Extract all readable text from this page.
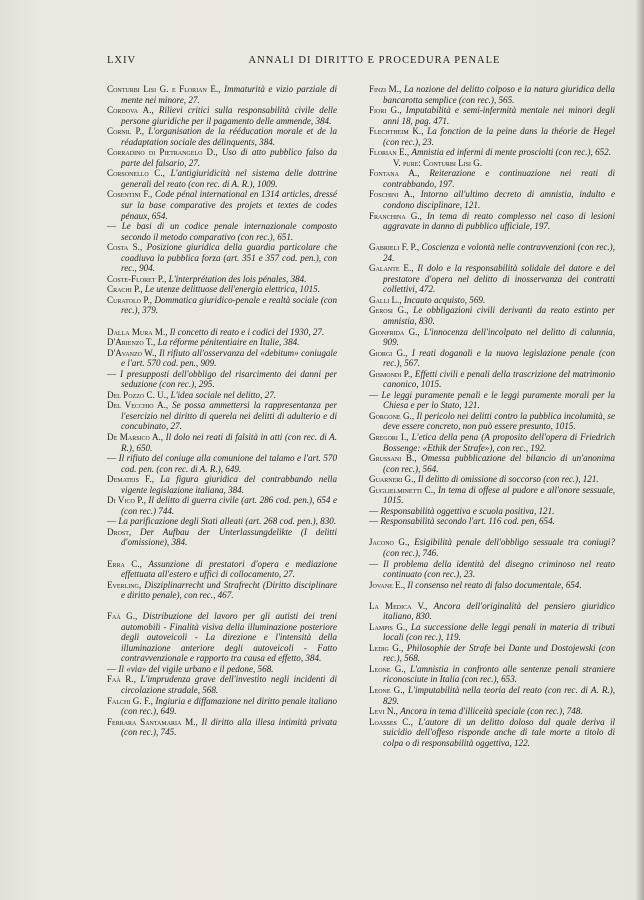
LXIV	ANNALI DI DIRITTO E PROCEDURA PENALE

Conturbi Lisi G. e Florian E., Immaturità e vizio parziale di mente nei minore, 27.

Cordova A., Rilievi critici sulla responsabilità civile delle persone giuridiche per il pagamento delle ammende, 384.

Cornil P., L'organisation de la rééducation morale et de la réadaptation sociale des délinquents, 384.

Corradino di Pietrangelo D., Uso di atto pubblico falso da parte del falsario, 27.

Corsonello C., L'antigiuridicità nel sistema delle dottrine generali del reato (con rec. di A. R.), 1009.

Cosentini F., Code pénal international en 1314 articles, dressé sur la base comparative des projets et textes de codes pénaux, 654.

— Le basi di un codice penale internazionale composto secondo il metodo comparativo (con rec.), 651.

Costa S., Posizione giuridica della guardia particolare che coadiuva la pubblica forza (art. 351 e 357 cod. pen.), con rec., 904.

Coste-Floret P., L'interprétation des lois pénales, 384.

Crachi P., Le utenze delittuose dell'energia elettrica, 1015.

Curatolo P., Dommatica giuridico-penale e realtà sociale (con rec.), 379.

Dalla Mura M., Il concetto di reato e i codici del 1930, 27.

D'Arienzo T., La réforme pénitentiaire en Italie, 384.

D'Avanzo W., Il rifiuto all'osservanza del «debitum» coniugale e l'art. 570 cod. pen., 909.

— I presupposti dell'obbligo del risarcimento dei danni per seduzione (con rec.), 295.

Del Pozzo C. U., L'idea sociale nel delitto, 27.

Del Vecchio A., Se possa ammettersi la rappresentanza per l'esercizio nel diritto di querela nei delitti di adulterio e di concubinato, 27.

De Marsico A., Il dolo nei reati di falsità in atti (con rec. di A. R.), 650.

— Il rifiuto del coniuge alla comunione del talamo e l'art. 570 cod. pen. (con rec. di A. R.), 649.

Demateis F., La figura giuridica del contrabbando nella vigente legislazione italiana, 384.

Di Vico P., Il delitto di guerra civile (art. 286 cod. pen.), 654 e (con rec.) 744.

— La parificazione degli Stati alleati (art. 268 cod. pen.), 830.

Drost, Der Aufbau der Unterlassungdelikte (I delitti d'omissione), 384.

Erra C., Assunzione di prestatori d'opera e mediazione effettuata all'estero e uffici di collocamento, 27.

Everling, Disziplinarrecht und Strafrecht (Diritto disciplinare e diritto penale), con rec., 467.

Faà G., Distribuzione del lavoro per gli autisti dei treni automobili - Finalità visiva della illuminazione posteriore degli autoveicoli - La direzione e l'intensità della illuminazione anteriore degli autoveicoli - Fatto contravvenzionale e rapporto tra causa ed effetto, 384.

— Il «via» del vigile urbano e il pedone, 568.

Faà R., L'imprudenza grave dell'investito negli incidenti di circolazione stradale, 568.

Falchi G. F., Ingiuria e diffamazione nel diritto penale italiano (con rec.), 649.

Ferrara Santamaria M., Il diritto alla illesa intimità privata (con rec.), 745.

Finzi M., La nozione del delitto colposo e la natura giuridica della bancarotta semplice (con rec.), 565.

Fiori G., Imputabilità e semi-infermità mentale nei minori degli anni 18, pag. 471.

Flechtheim K., La fonction de la peine dans la théorie de Hegel (con rec.), 23.

Florian E., Amnistia ed infermi di mente prosciolti (con rec.), 652.

V. pure: Conturbi Lisi G.

Fontana A., Reiterazione e continuazione nei reati di contrabbando, 197.

Foschini A., Intorno all'ultimo decreto di amnistia, indulto e condono disciplinare, 121.

Franchina G., In tema di reato complesso nel caso di lesioni aggravate in danno di pubblico ufficiale, 197.

Gabrieli F. P., Coscienza e volontà nelle contravvenzioni (con rec.), 24.

Galante E., Il dolo e la responsabilità solidale del datore e del prestatore d'opera nel delitto di inosservanza dei contratti collettivi, 472.

Galli L., Incauto acquisto, 569.

Gerosi G., Le obbligazioni civili derivanti da reato estinto per amnistia, 830.

Gionfrida G., L'innocenza dell'incolpato nel delitto di calunnia, 909.

Giorgi G., I reati doganali e la nuova legislazione penale (con rec.), 567.

Gismondi P., Effetti civili e penali della trascrizione del matrimonio canonico, 1015.

— Le leggi puramente penali e le leggi puramente morali per la Chiesa e per lo Stato, 121.

Gorgone G., Il pericolo nei delitti contro la pubblica incolumità, se deve essere concreto, non può essere presunto, 1015.

Gregori I., L'etica della pena (A proposito dell'opera di Friedrich Bossenge: «Ethik der Strafe»), con rec., 192.

Grussani B., Omessa pubblicazione del bilancio di un'anonima (con rec.), 564.

Guarneri G., Il delitto di omissione di soccorso (con rec.), 121.

Guglielminetti C., In tema di offese al pudore e all'onore sessuale, 1015.

— Responsabilità oggettiva e scuola positiva, 121.

— Responsabilità secondo l'art. 116 cod. pen, 654.

Jacono G., Esigibilità penale dell'obbligo sessuale tra coniugi? (con rec.), 746.

— Il problema della identità del disegno criminoso nel reato continuato (con rec.), 23.

Jovane E., Il consenso nel reato di falso documentale, 654.

La Medica V., Ancora dell'originalità del pensiero giuridico italiano, 830.

Lampis G., La successione delle leggi penali in materia di tributi locali (con rec.), 119.

Ledig G., Philosophie der Strafe bei Dante und Dostojewski (con rec.), 568.

Leone G., L'amnistia in confronto alle sentenze penali straniere riconosciute in Italia (con rec.), 653.

Leone G., L'imputabilità nella teoria del reato (con rec. di A. R.), 829.

Levi N., Ancora in tema d'illiceità speciale (con rec.), 748.

Loasses C., L'autore di un delitto doloso dal quale deriva il suicidio dell'offeso risponde anche di tale morte a titolo di colpa o di responsabilità oggettiva, 122.
